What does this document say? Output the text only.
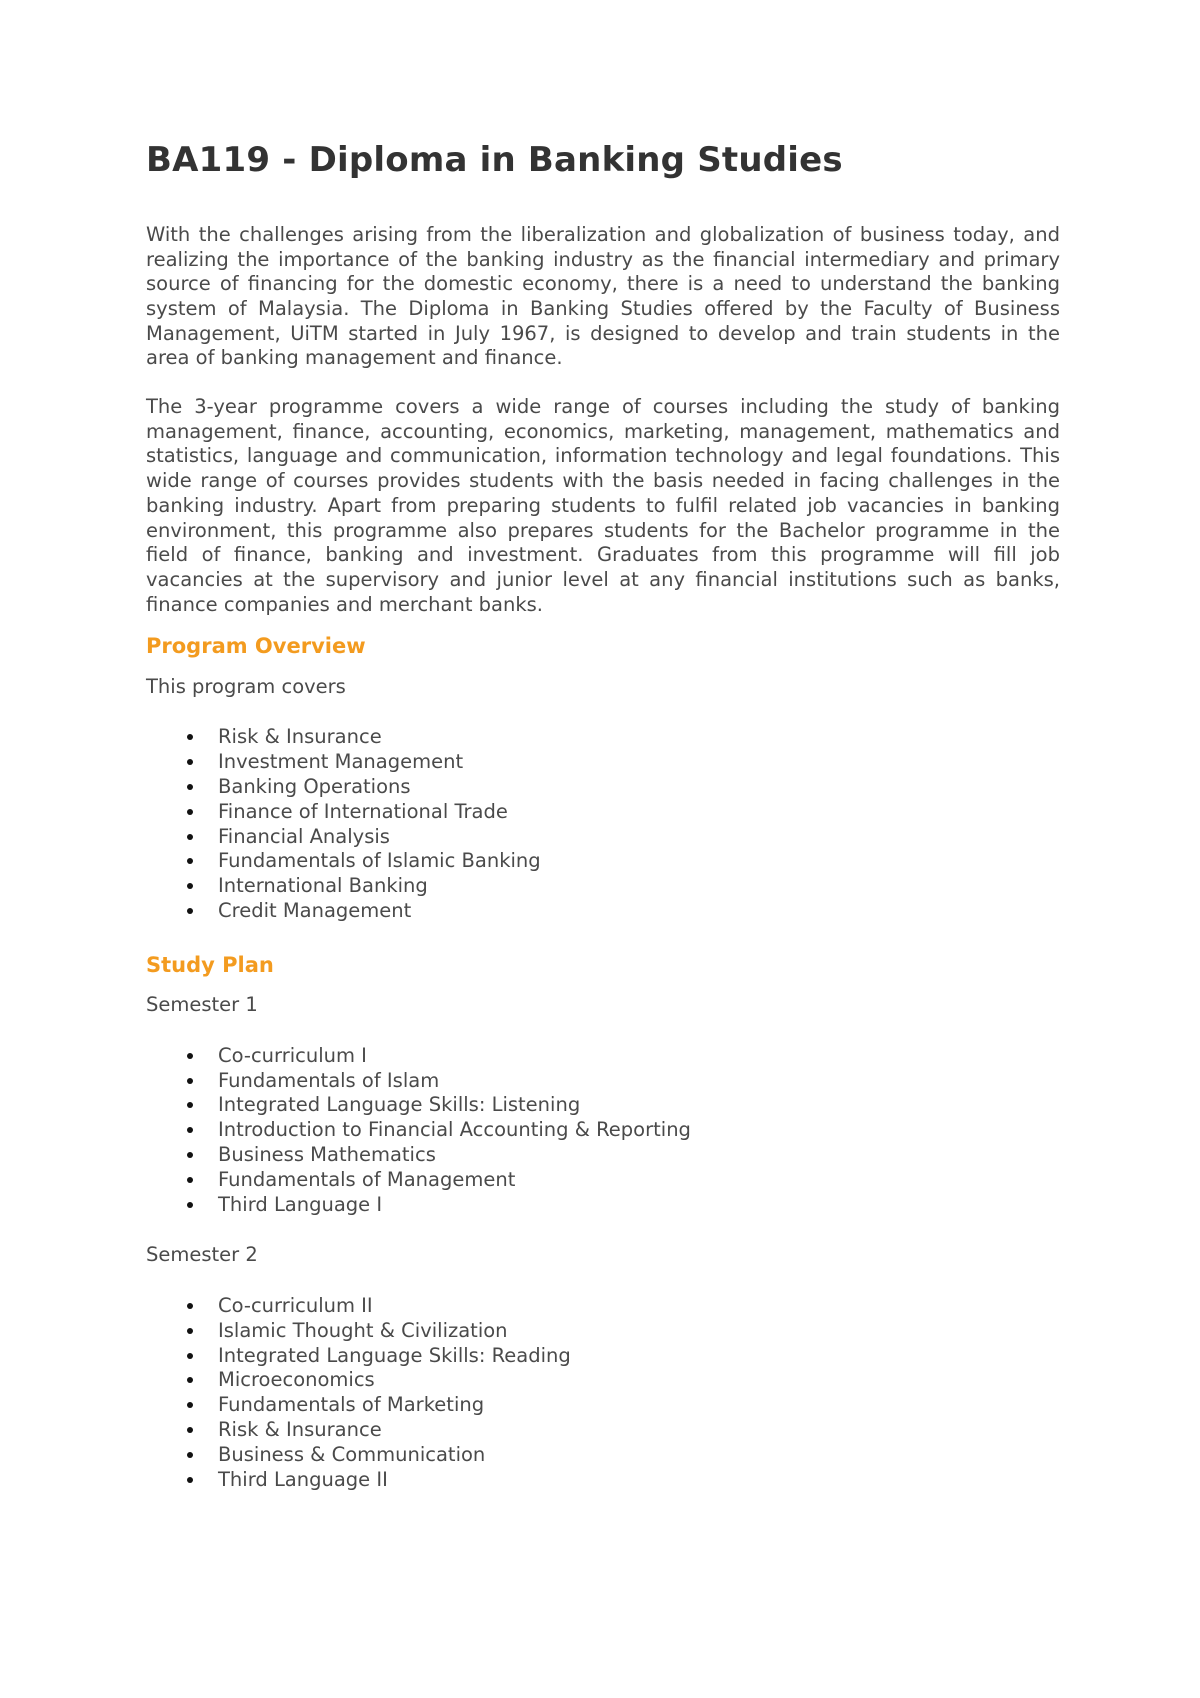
BA119 - Diploma in Banking Studies

With the challenges arising from the liberalization and globalization of business today, and realizing the importance of the banking industry as the financial intermediary and primary source of financing for the domestic economy, there is a need to understand the banking system of Malaysia. The Diploma in Banking Studies offered by the Faculty of Business Management, UiTM started in July 1967, is designed to develop and train students in the area of banking management and finance.

The 3-year programme covers a wide range of courses including the study of banking management, finance, accounting, economics, marketing, management, mathematics and statistics, language and communication, information technology and legal foundations. This wide range of courses provides students with the basis needed in facing challenges in the banking industry. Apart from preparing students to fulfil related job vacancies in banking environment, this programme also prepares students for the Bachelor programme in the field of finance, banking and investment. Graduates from this programme will fill job vacancies at the supervisory and junior level at any financial institutions such as banks, finance companies and merchant banks.

Program Overview

This program covers

Risk & Insurance
Investment Management
Banking Operations
Finance of International Trade
Financial Analysis
Fundamentals of Islamic Banking
International Banking
Credit Management
Study Plan

Semester 1

Co-curriculum I
Fundamentals of Islam
Integrated Language Skills: Listening
Introduction to Financial Accounting & Reporting
Business Mathematics
Fundamentals of Management
Third Language I

Semester 2

Co-curriculum II
Islamic Thought & Civilization
Integrated Language Skills: Reading
Microeconomics
Fundamentals of Marketing
Risk & Insurance
Business & Communication
Third Language II
